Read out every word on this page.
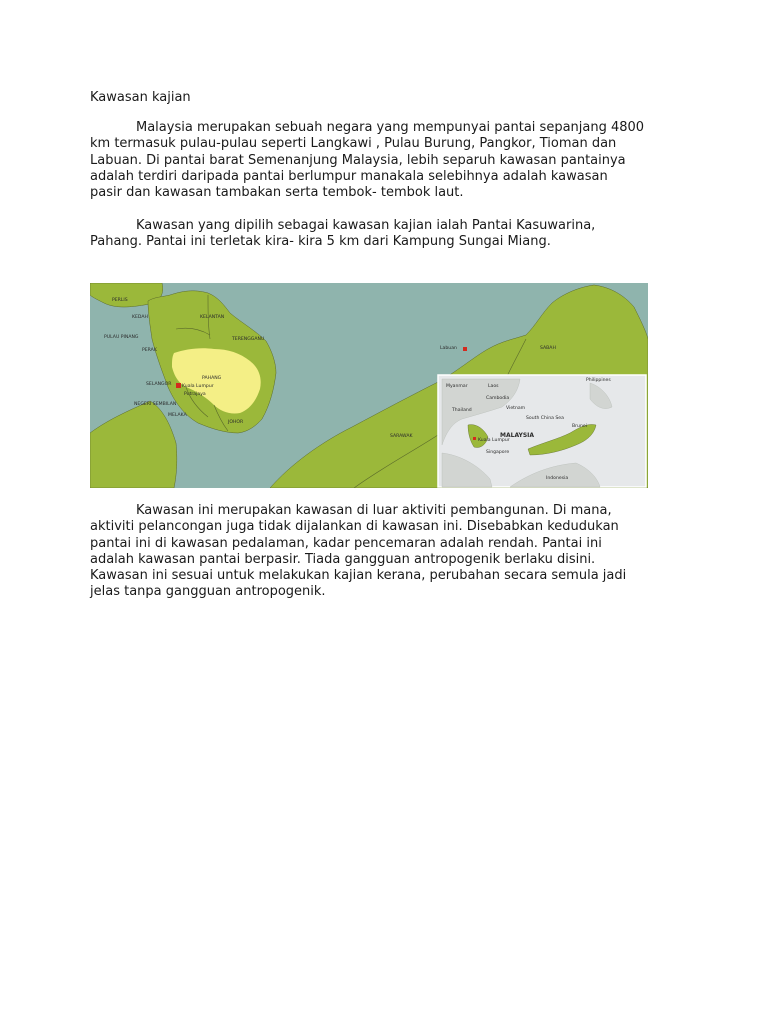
Kawasan kajian

Malaysia merupakan sebuah negara yang mempunyai pantai sepanjang 4800
km termasuk pulau-pulau seperti Langkawi , Pulau Burung, Pangkor, Tioman dan
Labuan. Di pantai barat Semenanjung Malaysia, lebih separuh kawasan pantainya
adalah terdiri daripada pantai berlumpur manakala selebihnya adalah kawasan
pasir dan kawasan tambakan serta tembok- tembok laut.

Kawasan yang dipilih sebagai kawasan kajian ialah Pantai Kasuwarina,
Pahang. Pantai ini terletak kira- kira 5 km dari Kampung Sungai Miang.

PERLIS
KEDAH
PULAU PINANG
KELANTAN
TERENGGANU
PERAK
PAHANG
SELANGOR Kuala Lumpur
Putrajaya
NEGERI SEMBILAN
MELAKA
JOHOR
SARAWAK
SABAH
Labuan
Myanmar	Laos
Thailand
Cambodia
Vietnam
Philippines
South China Sea
MALAYSIA
Brunei
Kuala Lumpur
Singapore
Indonesia

Kawasan ini merupakan kawasan di luar aktiviti pembangunan. Di mana,
aktiviti pelancongan juga tidak dijalankan di kawasan ini. Disebabkan kedudukan
pantai ini di kawasan pedalaman, kadar pencemaran adalah rendah. Pantai ini
adalah kawasan pantai berpasir. Tiada gangguan antropogenik berlaku disini.
Kawasan ini sesuai untuk melakukan kajian kerana, perubahan secara semula jadi
jelas tanpa gangguan antropogenik.
